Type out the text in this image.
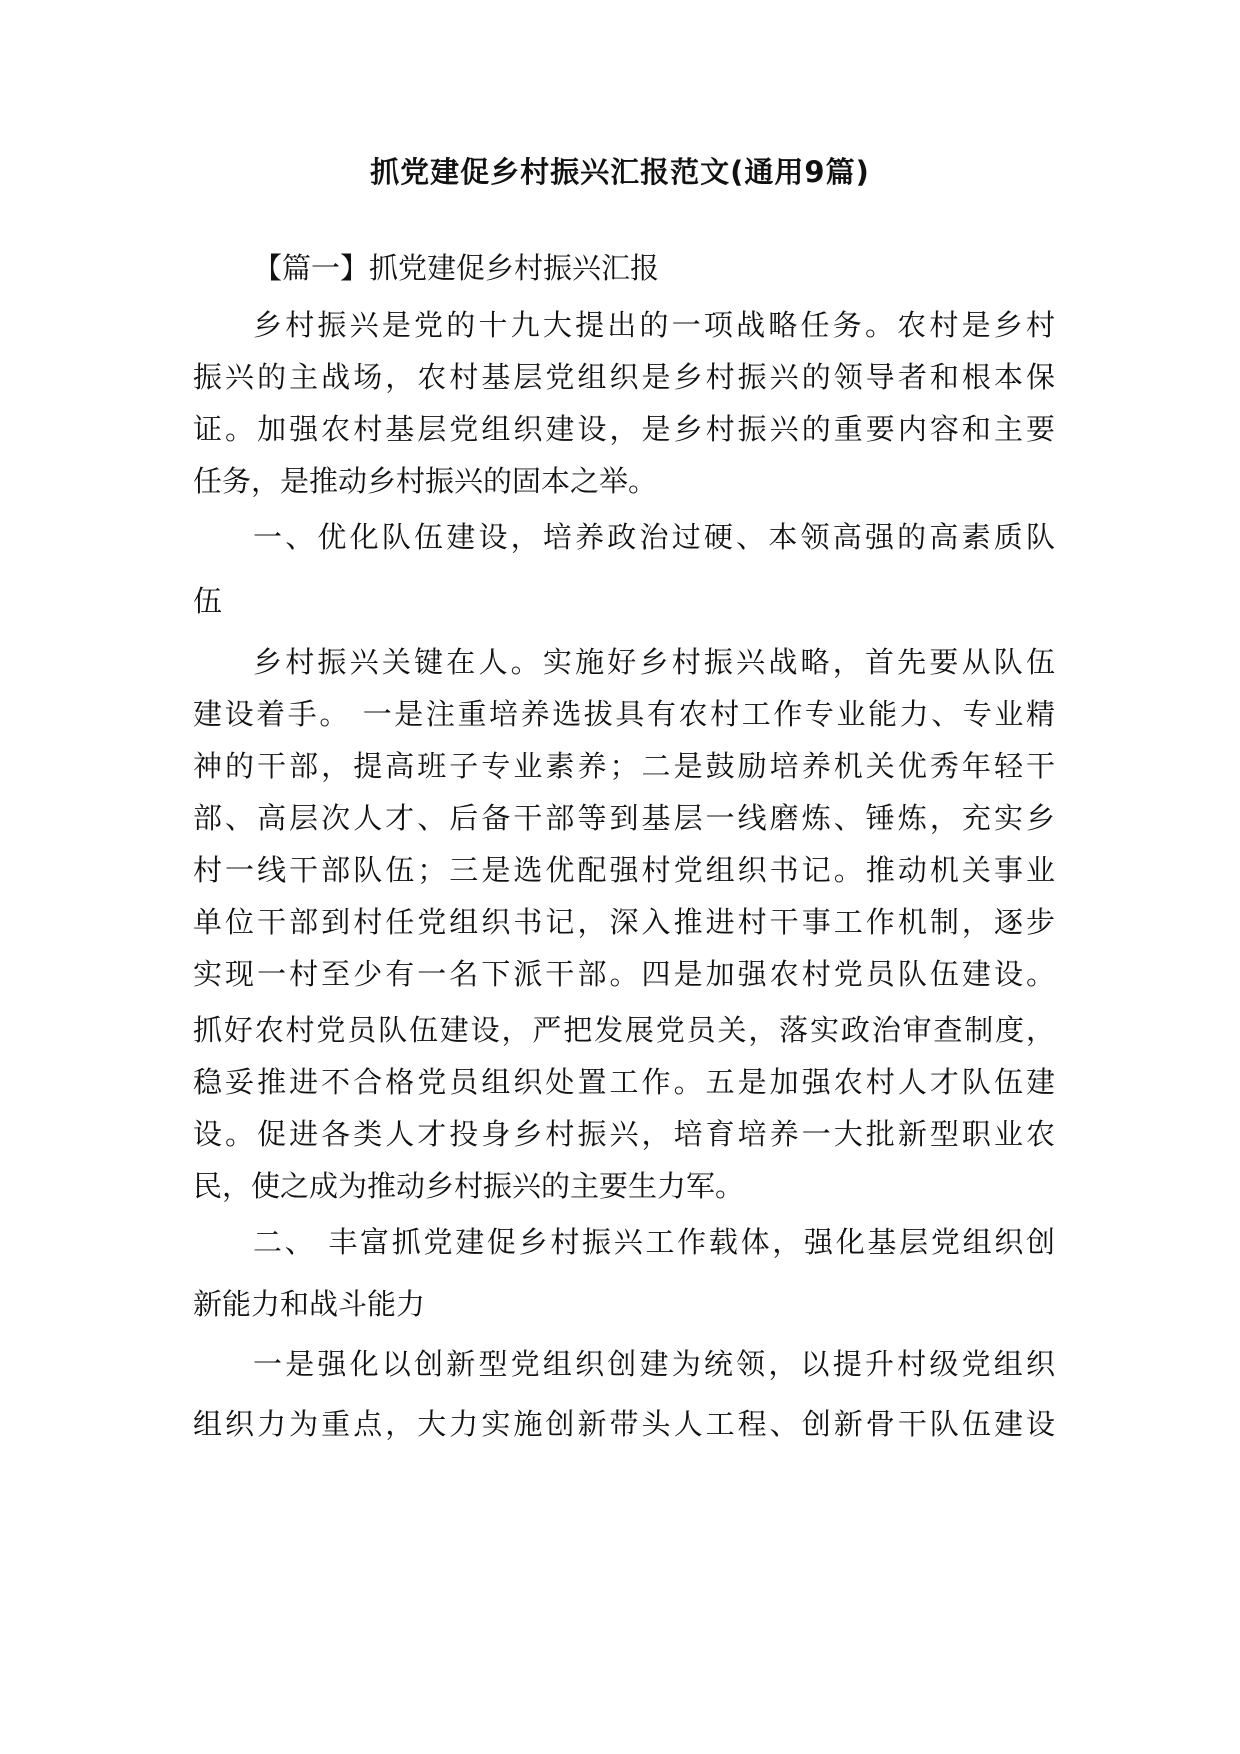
抓党建促乡村振兴汇报范文(通用9篇)
【篇一】抓党建促乡村振兴汇报
乡村振兴是党的十九大提出的一项战略任务。农村是乡村
振兴的主战场，农村基层党组织是乡村振兴的领导者和根本保
证。加强农村基层党组织建设，是乡村振兴的重要内容和主要
任务，是推动乡村振兴的固本之举。
一、优化队伍建设，培养政治过硬、本领高强的高素质队
伍
乡村振兴关键在人。实施好乡村振兴战略，首先要从队伍
建设着手。 一是注重培养选拔具有农村工作专业能力、专业精
神的干部，提高班子专业素养；二是鼓励培养机关优秀年轻干
部、高层次人才、后备干部等到基层一线磨炼、锤炼，充实乡
村一线干部队伍；三是选优配强村党组织书记。推动机关事业
单位干部到村任党组织书记，深入推进村干事工作机制，逐步
实现一村至少有一名下派干部。四是加强农村党员队伍建设。
抓好农村党员队伍建设，严把发展党员关，落实政治审查制度，
稳妥推进不合格党员组织处置工作。五是加强农村人才队伍建
设。促进各类人才投身乡村振兴，培育培养一大批新型职业农
民，使之成为推动乡村振兴的主要生力军。
二、 丰富抓党建促乡村振兴工作载体，强化基层党组织创
新能力和战斗能力
一是强化以创新型党组织创建为统领，以提升村级党组织
组织力为重点，大力实施创新带头人工程、创新骨干队伍建设
